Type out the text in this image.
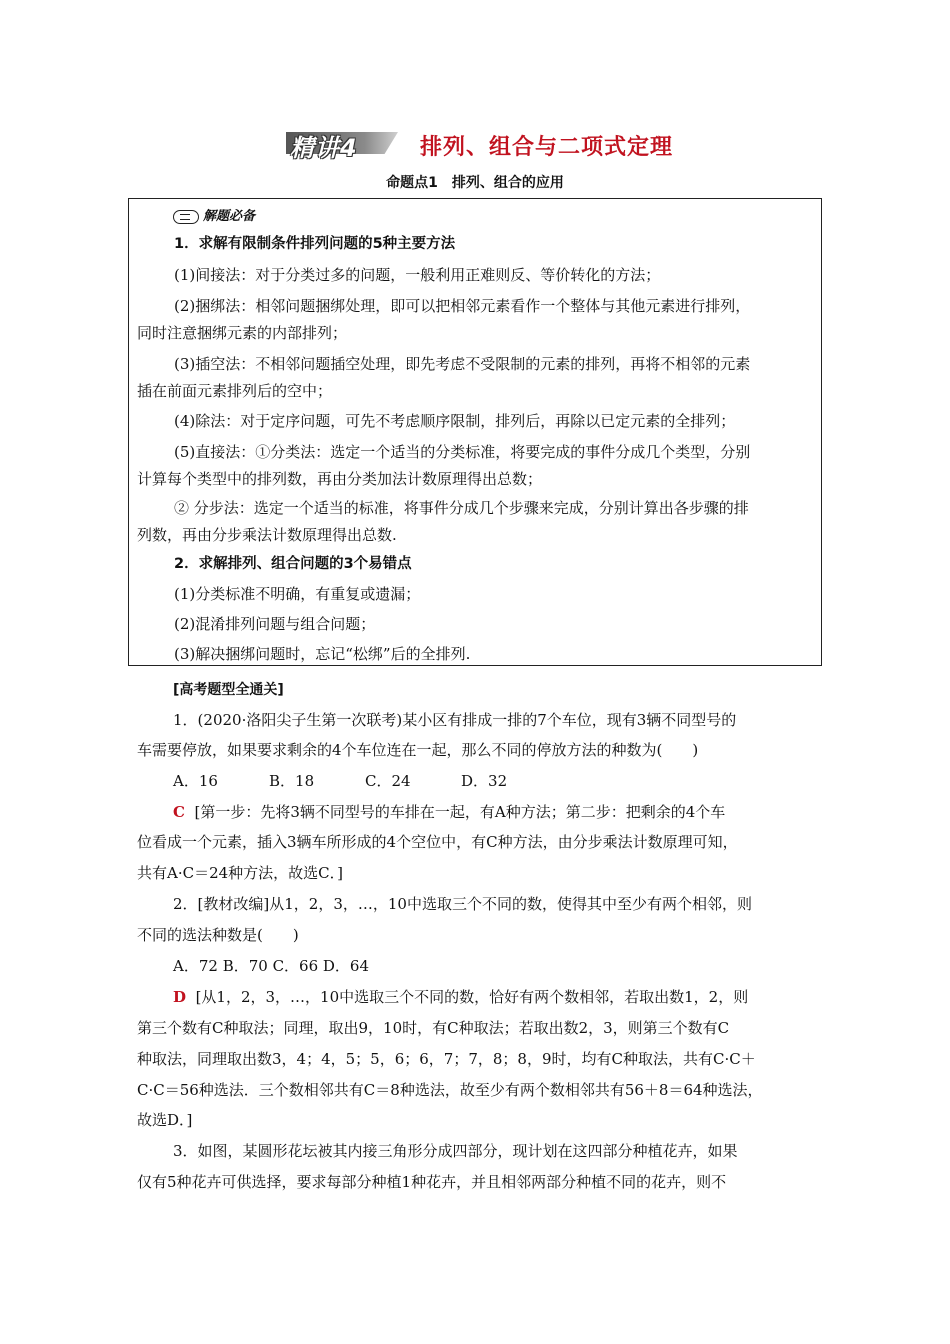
精讲4	排列、组合与二项式定理
命题点1　排列、组合的应用
解题必备
1．求解有限制条件排列问题的5种主要方法
(1)间接法：对于分类过多的问题，一般利用正难则反、等价转化的方法；
(2)捆绑法：相邻问题捆绑处理，即可以把相邻元素看作一个整体与其他元素进行排列，
同时注意捆绑元素的内部排列；
(3)插空法：不相邻问题插空处理，即先考虑不受限制的元素的排列，再将不相邻的元素
插在前面元素排列后的空中；
(4)除法：对于定序问题，可先不考虑顺序限制，排列后，再除以已定元素的全排列；
(5)直接法：①分类法：选定一个适当的分类标准，将要完成的事件分成几个类型，分别
计算每个类型中的排列数，再由分类加法计数原理得出总数；
② 分步法：选定一个适当的标准，将事件分成几个步骤来完成，分别计算出各步骤的排
列数，再由分步乘法计数原理得出总数.
2．求解排列、组合问题的3个易错点
(1)分类标准不明确，有重复或遗漏；
(2)混淆排列问题与组合问题；
(3)解决捆绑问题时，忘记“松绑”后的全排列.
[高考题型全通关]
1．(2020·洛阳尖子生第一次联考)某小区有排成一排的7个车位，现有3辆不同型号的
车需要停放，如果要求剩余的4个车位连在一起，那么不同的停放方法的种数为(　　)
A．16	B．18	C．24	D．32
C [第一步：先将3辆不同型号的车排在一起，有A种方法；第二步：把剩余的4个车
位看成一个元素，插入3辆车所形成的4个空位中，有C种方法，由分步乘法计数原理可知，
共有A·C＝24种方法，故选C．]
2．[教材改编]从1，2，3，…，10中选取三个不同的数，使得其中至少有两个相邻，则
不同的选法种数是(　　)
A．72 B．70 C．66 D．64
D [从1，2，3，…，10中选取三个不同的数，恰好有两个数相邻，若取出数1，2，则
第三个数有C种取法；同理，取出9，10时，有C种取法；若取出数2，3，则第三个数有C
种取法，同理取出数3，4；4，5；5，6；6，7；7，8；8，9时，均有C种取法，共有C·C＋
C·C＝56种选法．三个数相邻共有C＝8种选法，故至少有两个数相邻共有56＋8＝64种选法，
故选D．]
3．如图，某圆形花坛被其内接三角形分成四部分，现计划在这四部分种植花卉，如果
仅有5种花卉可供选择，要求每部分种植1种花卉，并且相邻两部分种植不同的花卉，则不
